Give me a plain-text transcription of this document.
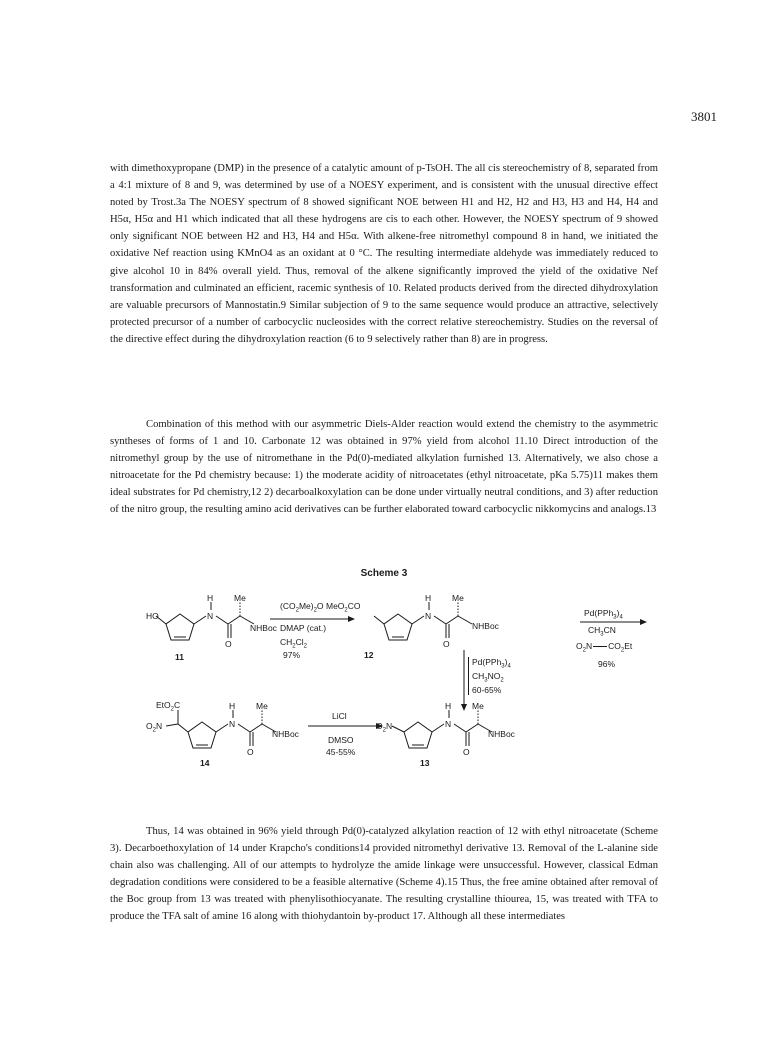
3801

with dimethoxypropane (DMP) in the presence of a catalytic amount of p-TsOH. The all cis stereochemistry of 8, separated from a 4:1 mixture of 8 and 9, was determined by use of a NOESY experiment, and is consistent with the unusual directive effect noted by Trost.3a The NOESY spectrum of 8 showed significant NOE between H1 and H2, H2 and H3, H3 and H4, H4 and H5α, H5α and H1 which indicated that all these hydrogens are cis to each other. However, the NOESY spectrum of 9 showed only significant NOE between H2 and H3, H4 and H5α. With alkene-free nitromethyl compound 8 in hand, we initiated the oxidative Nef reaction using KMnO4 as an oxidant at 0 °C. The resulting intermediate aldehyde was immediately reduced to give alcohol 10 in 84% overall yield. Thus, removal of the alkene significantly improved the yield of the oxidative Nef transformation and culminated an efficient, racemic synthesis of 10. Related products derived from the directed dihydroxylation are valuable precursors of Mannostatin.9 Similar subjection of 9 to the same sequence would produce an attractive, selectively protected precursor of a number of carbocyclic nucleosides with the correct relative stereochemistry. Studies on the reversal of the directive effect during the dihydroxylation reaction (6 to 9 selectively rather than 8) are in progress.

Combination of this method with our asymmetric Diels-Alder reaction would extend the chemistry to the asymmetric syntheses of forms of 1 and 10. Carbonate 12 was obtained in 97% yield from alcohol 11.10 Direct introduction of the nitromethyl group by the use of nitromethane in the Pd(0)-mediated alkylation furnished 13. Alternatively, we also chose a nitroacetate for the Pd chemistry because: 1) the moderate acidity of nitroacetates (ethyl nitroacetate, pKa 5.75)11 makes them ideal substrates for Pd chemistry,12 2) decarboalkoxylation can be done under virtually neutral conditions, and 3) after reduction of the nitro group, the resulting amino acid derivatives can be further elaborated toward carbocyclic nikkomycins and analogs.13

Scheme 3
HO
H
N
Me
O
NHBoc
11
$(CO_2Me)_2O$
DMAP (cat.)
$CH_2Cl_2$
97%
MeO$_2$CO
H
N
Me
O
NHBoc
12
$Pd(PPh_3)_4$
$CH_3CN$
$O_2N$ $CO_2Et$
96%
$Pd(PPh_3)_4$
$CH_3NO_2$
60-65%
EtO$_2$C
$O_2N$
H
N
Me
O
NHBoc
14
LiCl
DMSO
45-55%
$O_2N$
H
N
Me
O
NHBoc
13

Thus, 14 was obtained in 96% yield through Pd(0)-catalyzed alkylation reaction of 12 with ethyl nitroacetate (Scheme 3). Decarboethoxylation of 14 under Krapcho's conditions14 provided nitromethyl derivative 13. Removal of the L-alanine side chain also was challenging. All of our attempts to hydrolyze the amide linkage were unsuccessful. However, classical Edman degradation conditions were considered to be a feasible alternative (Scheme 4).15 Thus, the free amine obtained after removal of the Boc group from 13 was treated with phenylisothiocyanate. The resulting crystalline thiourea, 15, was treated with TFA to produce the TFA salt of amine 16 along with thiohydantoin by-product 17. Although all these intermediates
